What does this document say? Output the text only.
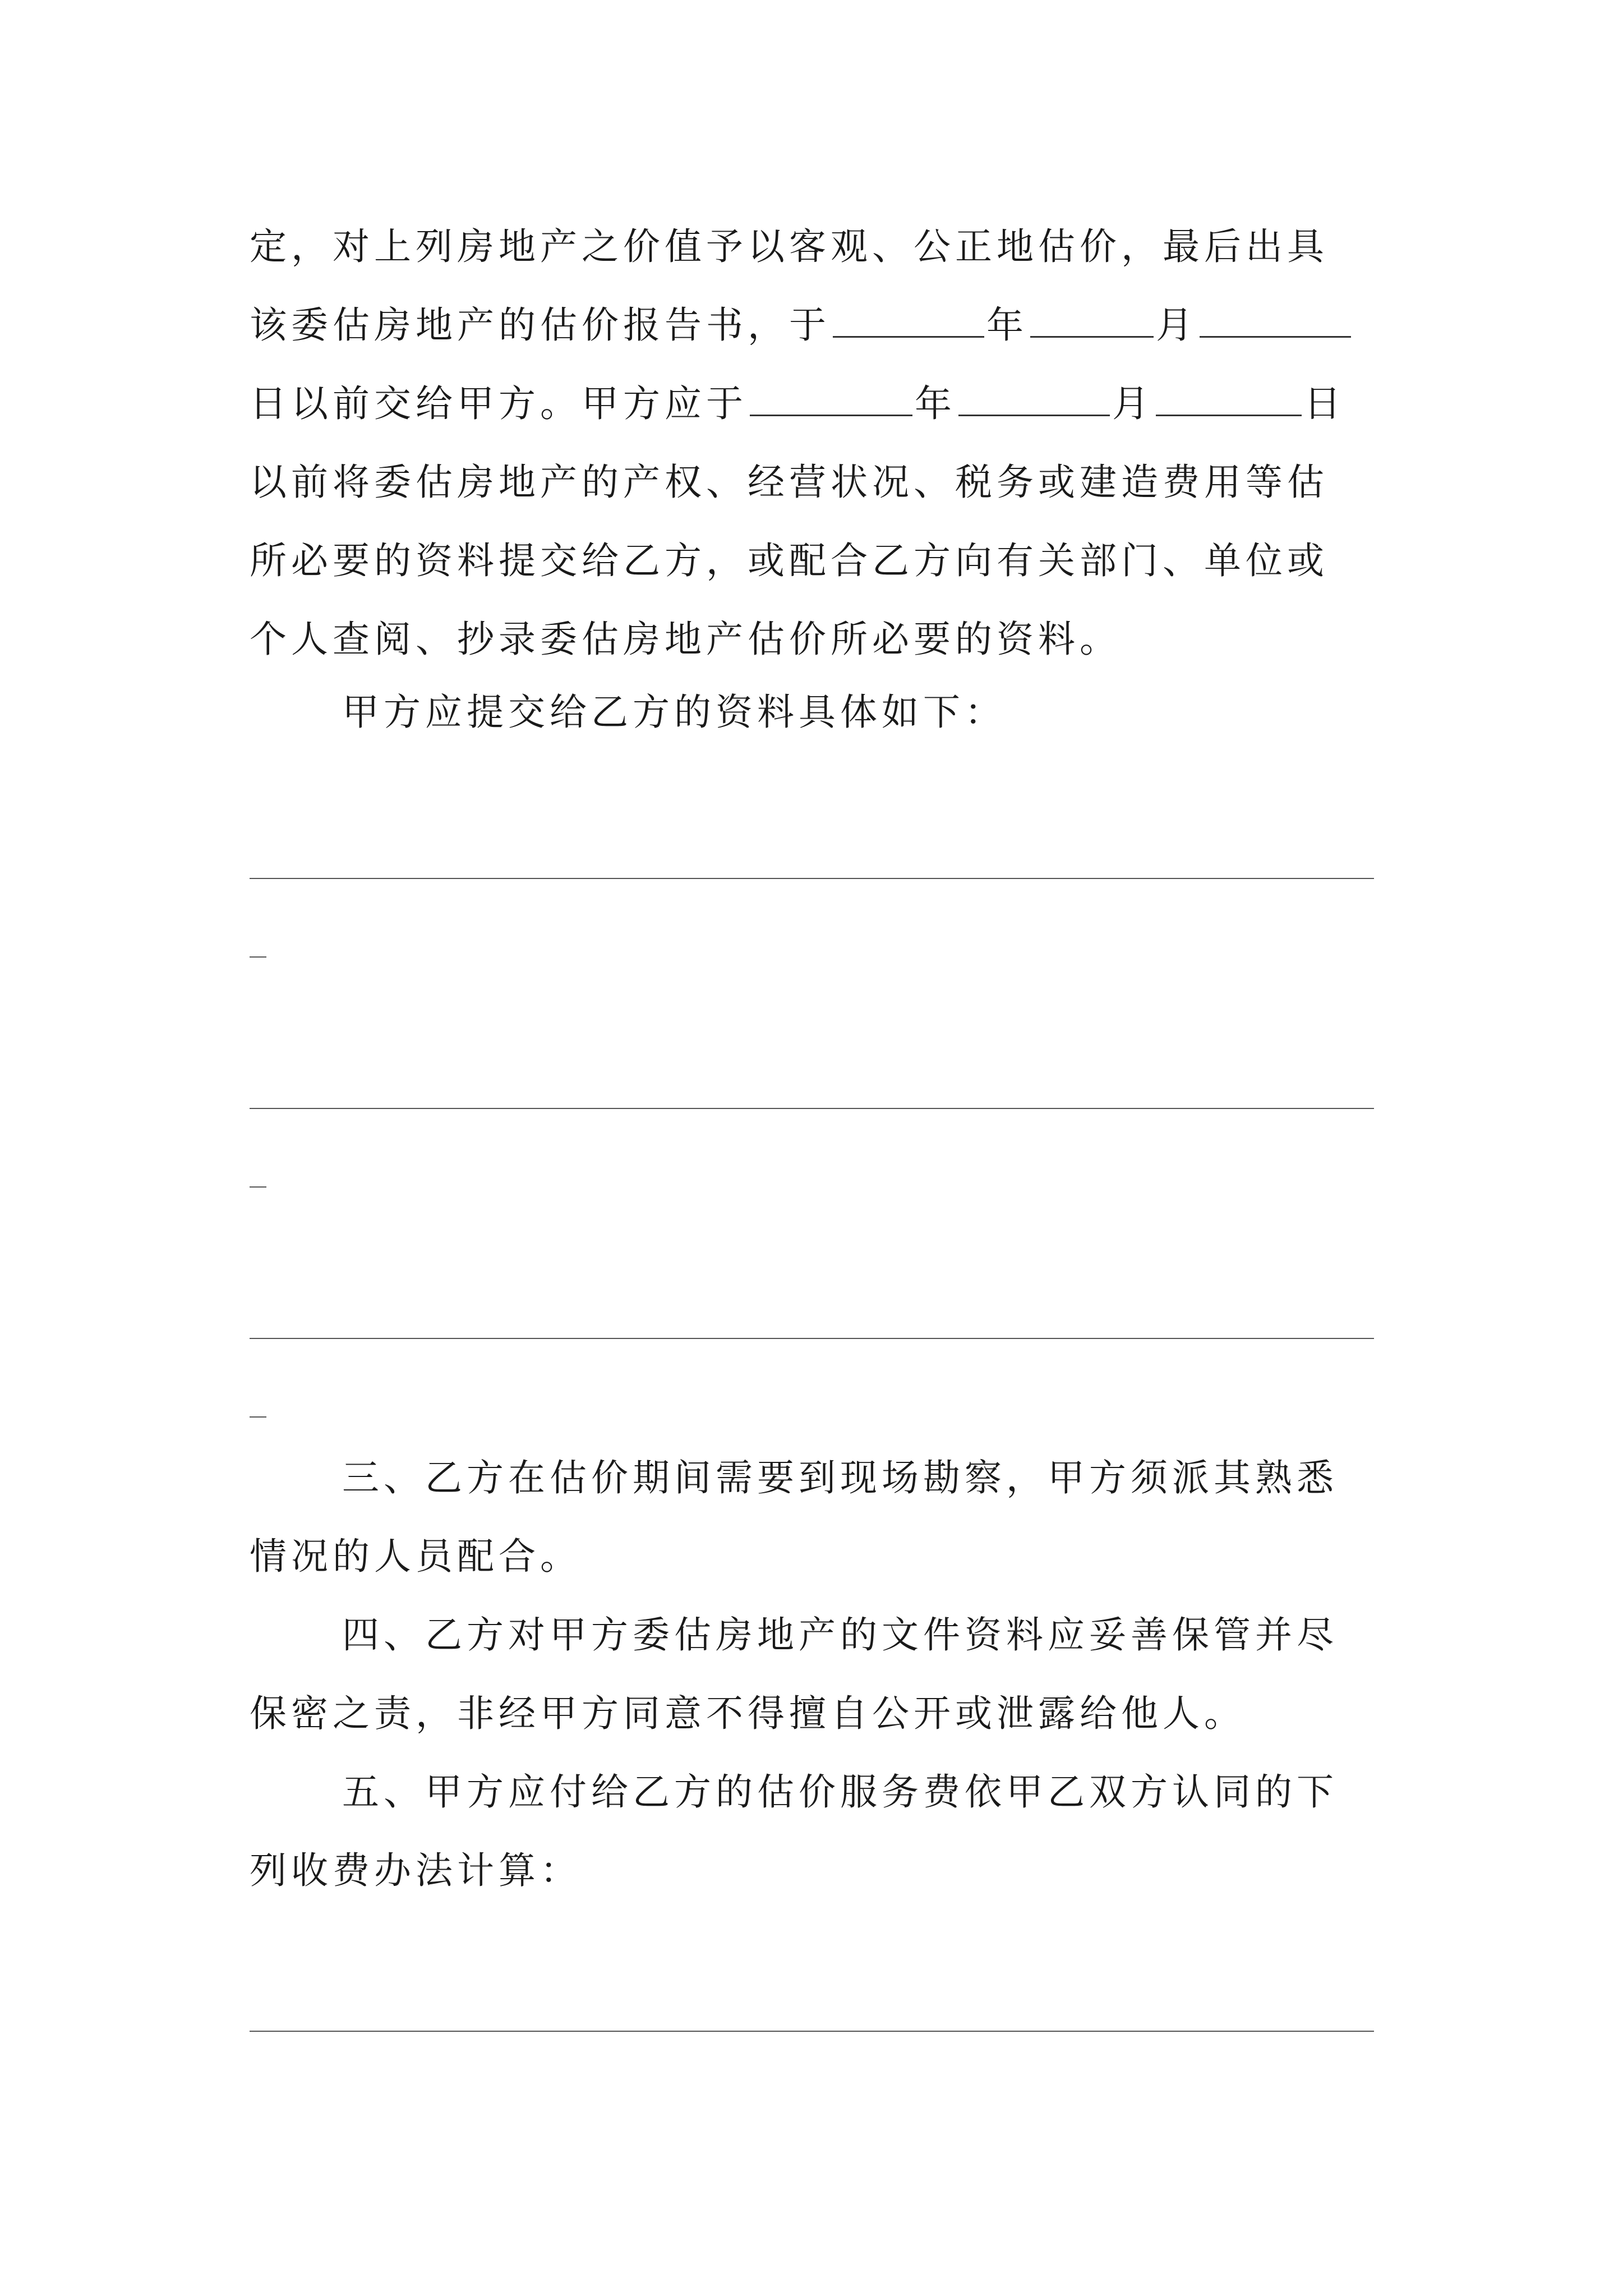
定，对上列房地产之价值予以客观、公正地估价，最后出具
该委估房地产的估价报告书，于	年	月
日以前交给甲方。甲方应于	年	月	日
以前将委估房地产的产权、经营状况、税务或建造费用等估
所必要的资料提交给乙方，或配合乙方向有关部门、单位或
个人查阅、抄录委估房地产估价所必要的资料。
甲方应提交给乙方的资料具体如下：
三、乙方在估价期间需要到现场勘察，甲方须派其熟悉
情况的人员配合。
四、乙方对甲方委估房地产的文件资料应妥善保管并尽
保密之责，非经甲方同意不得擅自公开或泄露给他人。
五、甲方应付给乙方的估价服务费依甲乙双方认同的下
列收费办法计算：
